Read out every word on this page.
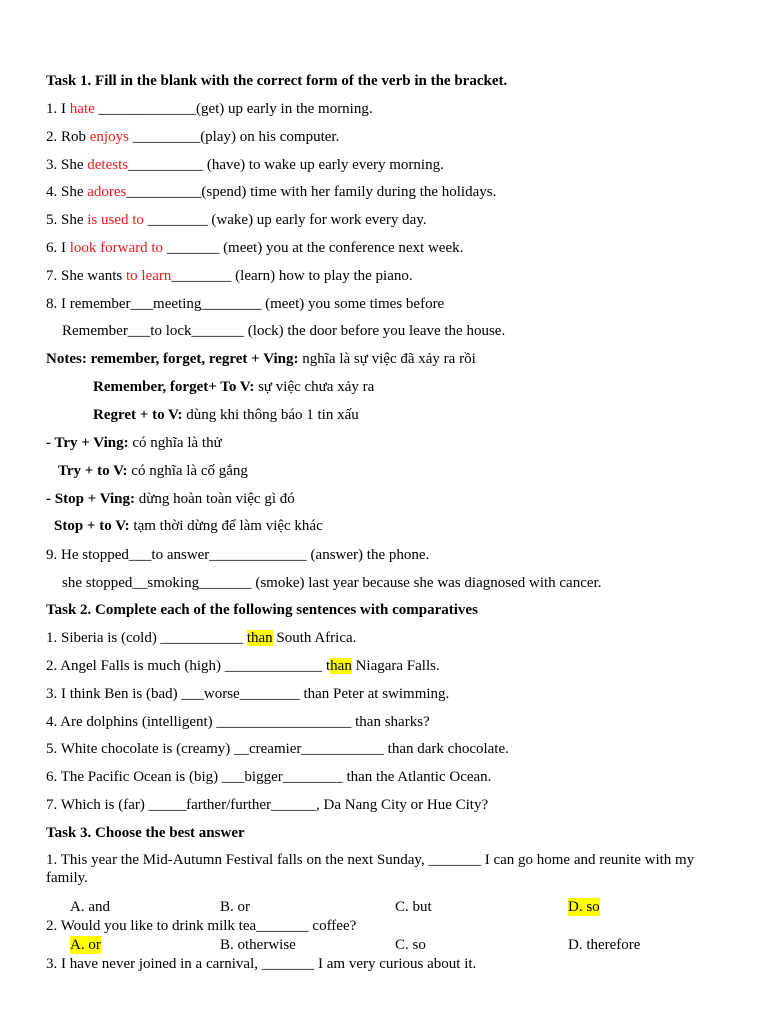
Task 1. Fill in the blank with the correct form of the verb in the bracket.
1. I hate _____________(get) up early in the morning.
2. Rob enjoys _________(play) on his computer.
3. She detests__________ (have) to wake up early every morning.
4. She adores__________(spend) time with her family during the holidays.
5. She is used to ________ (wake) up early for work every day.
6. I look forward to _______ (meet) you at the conference next week.
7. She wants to learn________ (learn) how to play the piano.
8. I remember___meeting________ (meet) you some times before
Remember___to lock_______ (lock) the door before you leave the house.
Notes: remember, forget, regret + Ving: nghĩa là sự việc đã xảy ra rồi
Remember, forget+ To V: sự việc chưa xảy ra
Regret + to V: dùng khi thông báo 1 tin xấu
- Try + Ving: có nghĩa là thử
Try + to V: có nghĩa là cố gắng
- Stop + Ving: dừng hoàn toàn việc gì đó
Stop + to V: tạm thời dừng để làm việc khác
9. He stopped___to answer_____________ (answer) the phone.
she stopped__smoking_______ (smoke) last year because she was diagnosed with cancer.
Task 2. Complete each of the following sentences with comparatives
1. Siberia is (cold) ___________ than South Africa.
2. Angel Falls is much (high) _____________ than Niagara Falls.
3. I think Ben is (bad) ___worse________ than Peter at swimming.
4. Are dolphins (intelligent) __________________ than sharks?
5. White chocolate is (creamy) __creamier___________ than dark chocolate.
6. The Pacific Ocean is (big) ___bigger________ than the Atlantic Ocean.
7. Which is (far) _____farther/further______, Da Nang City or Hue City?
Task 3. Choose the best answer
1. This year the Mid-Autumn Festival falls on the next Sunday, _______ I can go home and reunite with my family.
A. and	B. or	C. but	D. so
2. Would you like to drink milk tea_______ coffee?
A. or	B. otherwise	C. so	D. therefore
3. I have never joined in a carnival, _______ I am very curious about it.
